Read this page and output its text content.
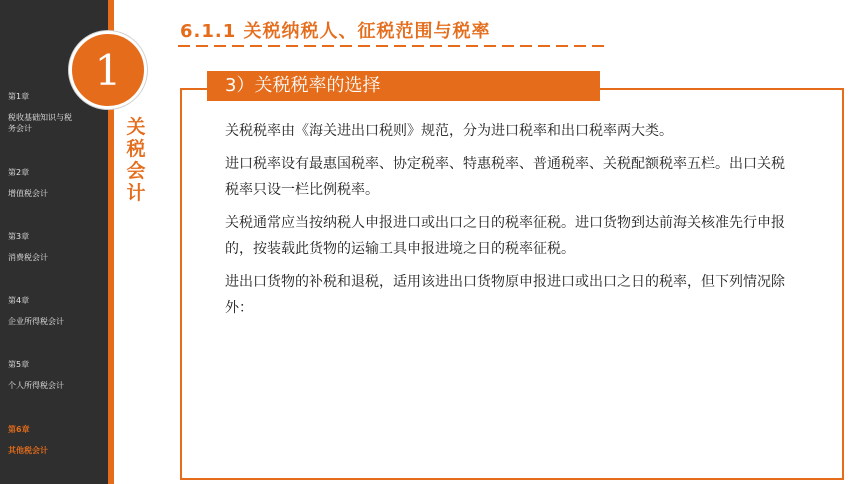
第1章
税收基础知识与税务会计
第2章
增值税会计
第3章
消费税会计
第4章
企业所得税会计
第5章
个人所得税会计
第6章
其他税会计
1
关
税
会
计
6.1.1 关税纳税人、征税范围与税率
3）关税税率的选择

关税税率由《海关进出口税则》规范，分为进口税率和出口税率两大类。

进口税率设有最惠国税率、协定税率、特惠税率、普通税率、关税配额税率五栏。出口关税税率只设一栏比例税率。

关税通常应当按纳税人申报进口或出口之日的税率征税。进口货物到达前海关核准先行申报的，按装载此货物的运输工具申报进境之日的税率征税。

进出口货物的补税和退税，适用该进出口货物原申报进口或出口之日的税率，但下列情况除外：
